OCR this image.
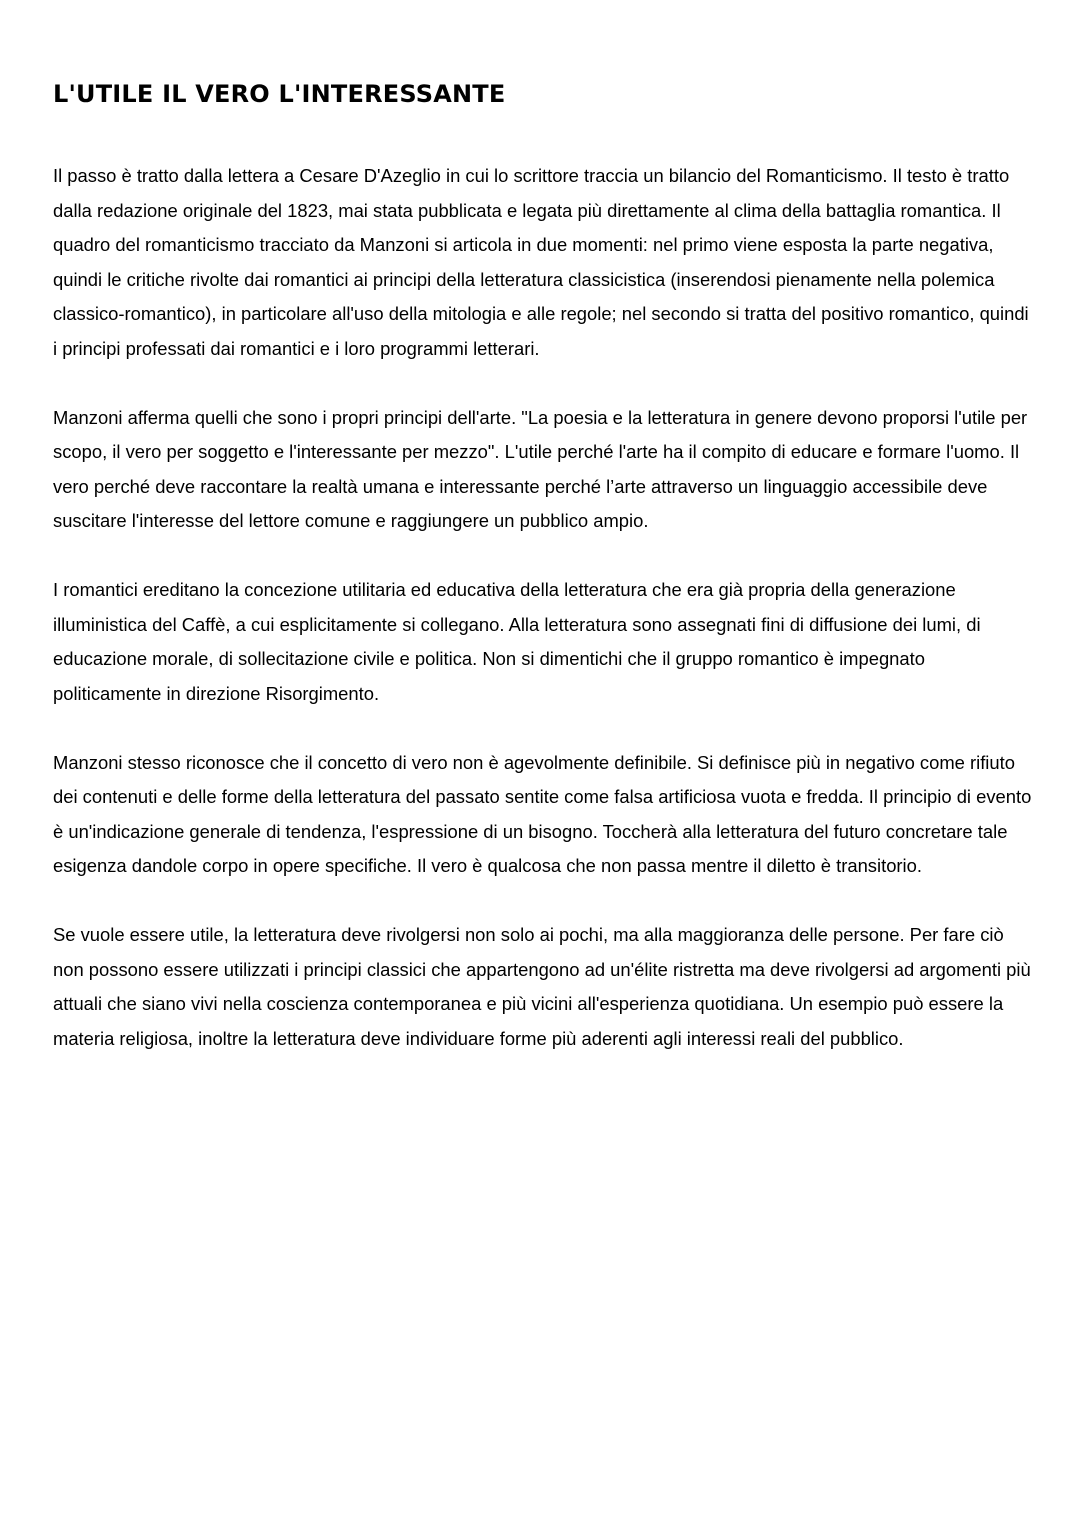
L'UTILE IL VERO L'INTERESSANTE

Il passo è tratto dalla lettera a Cesare D'Azeglio in cui lo scrittore traccia un bilancio del Romanticismo. Il testo è tratto dalla redazione originale del 1823, mai stata pubblicata e legata più direttamente al clima della battaglia romantica. Il quadro del romanticismo tracciato da Manzoni si articola in due momenti: nel primo viene esposta la parte negativa, quindi le critiche rivolte dai romantici ai principi della letteratura classicistica (inserendosi pienamente nella polemica classico-romantico), in particolare all'uso della mitologia e alle regole; nel secondo si tratta del positivo romantico, quindi i principi professati dai romantici e i loro programmi letterari.

Manzoni afferma quelli che sono i propri principi dell'arte. "La poesia e la letteratura in genere devono proporsi l'utile per scopo, il vero per soggetto e l'interessante per mezzo". L'utile perché l'arte ha il compito di educare e formare l'uomo. Il vero perché deve raccontare la realtà umana e interessante perché l’arte attraverso un linguaggio accessibile deve suscitare l'interesse del lettore comune e raggiungere un pubblico ampio.

I romantici ereditano la concezione utilitaria ed educativa della letteratura che era già propria della generazione illuministica del Caffè, a cui esplicitamente si collegano. Alla letteratura sono assegnati fini di diffusione dei lumi, di educazione morale, di sollecitazione civile e politica. Non si dimentichi che il gruppo romantico è impegnato politicamente in direzione Risorgimento.

Manzoni stesso riconosce che il concetto di vero non è agevolmente definibile. Si definisce più in negativo come rifiuto dei contenuti e delle forme della letteratura del passato sentite come falsa artificiosa vuota e fredda. Il principio di evento è un'indicazione generale di tendenza, l'espressione di un bisogno. Toccherà alla letteratura del futuro concretare tale esigenza dandole corpo in opere specifiche. Il vero è qualcosa che non passa mentre il diletto è transitorio.

Se vuole essere utile, la letteratura deve rivolgersi non solo ai pochi, ma alla maggioranza delle persone. Per fare ciò non possono essere utilizzati i principi classici che appartengono ad un'élite ristretta ma deve rivolgersi ad argomenti più attuali che siano vivi nella coscienza contemporanea e più vicini all'esperienza quotidiana. Un esempio può essere la materia religiosa, inoltre la letteratura deve individuare forme più aderenti agli interessi reali del pubblico.
